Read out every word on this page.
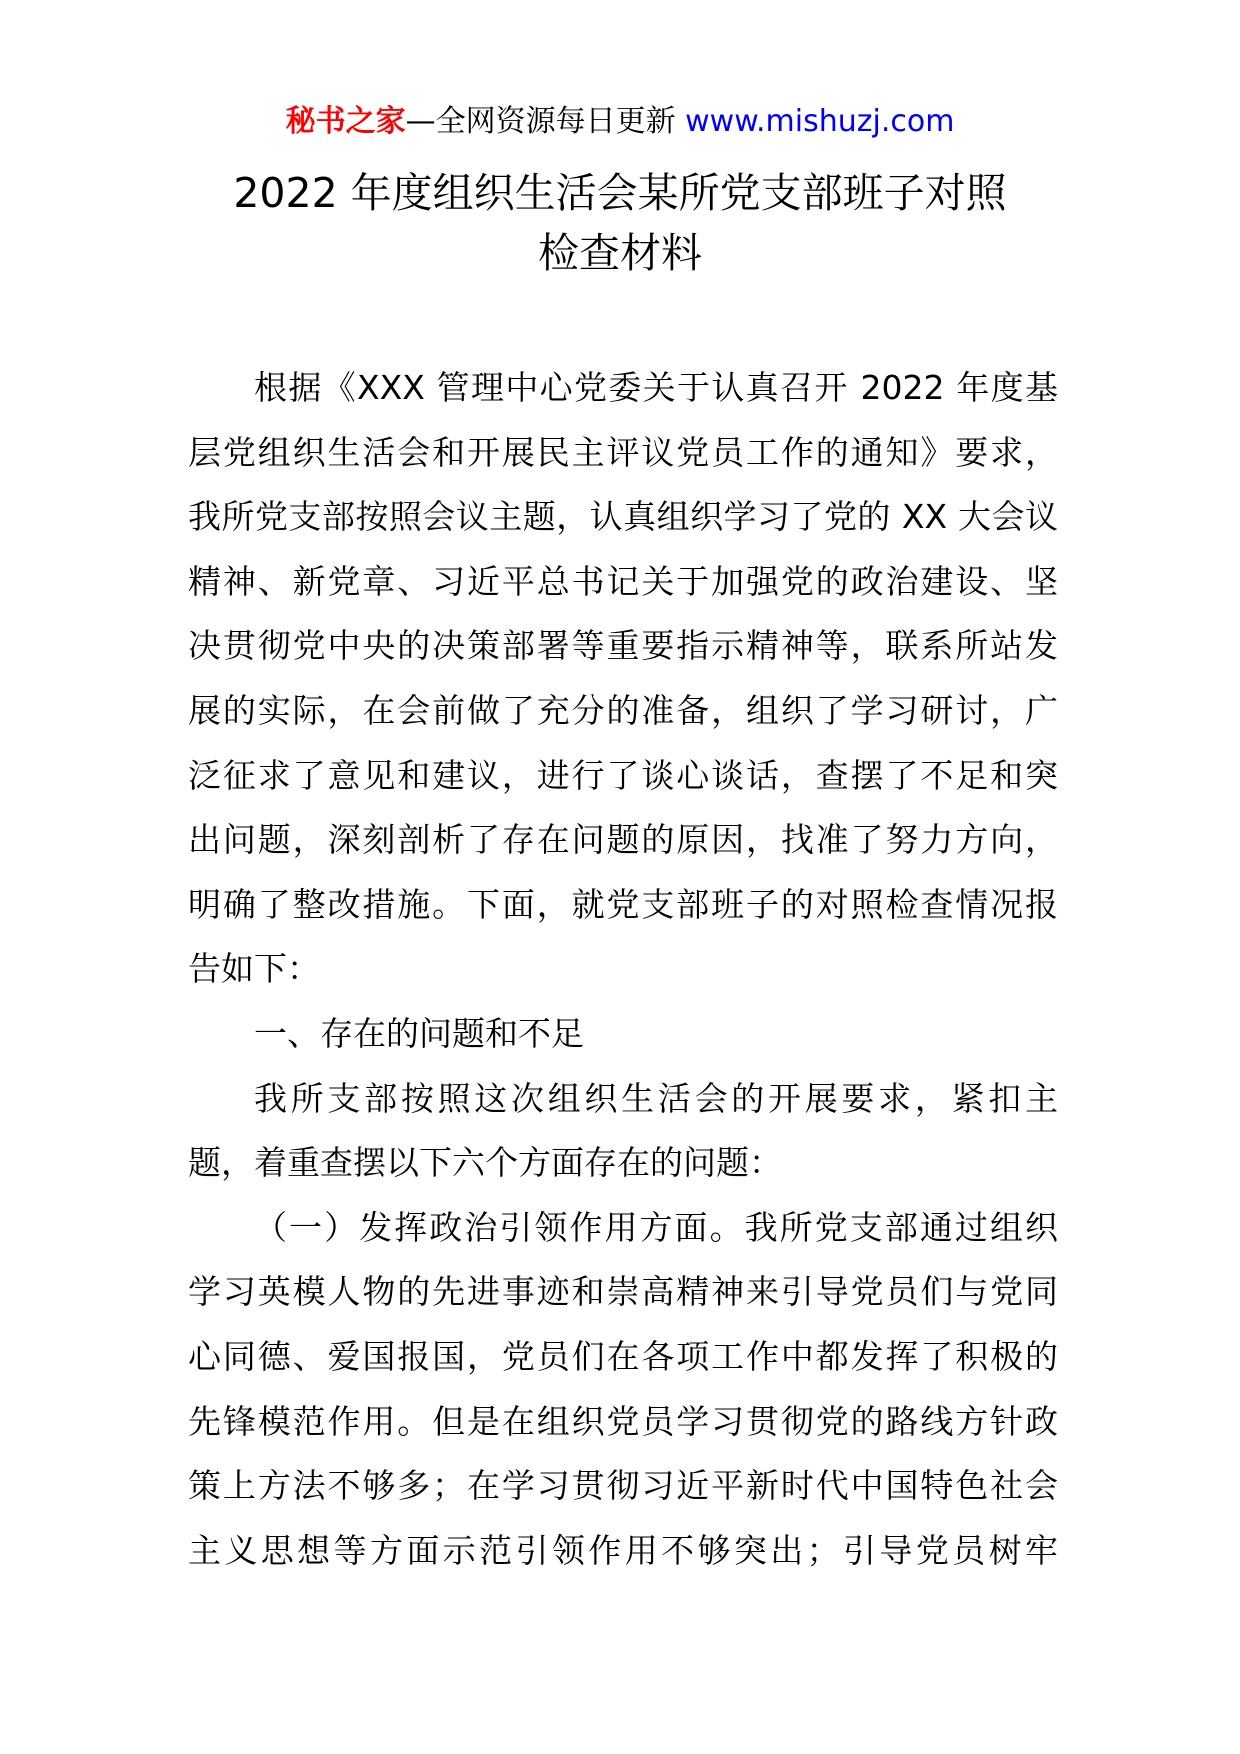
秘书之家—全网资源每日更新 www.mishuzj.com
2022 年度组织生活会某所党支部班子对照
检查材料
根据《XXX 管理中心党委关于认真召开 2022 年度基
层党组织生活会和开展民主评议党员工作的通知》要求，
我所党支部按照会议主题，认真组织学习了党的 XX 大会议
精神、新党章、习近平总书记关于加强党的政治建设、坚
决贯彻党中央的决策部署等重要指示精神等，联系所站发
展的实际，在会前做了充分的准备，组织了学习研讨，广
泛征求了意见和建议，进行了谈心谈话，查摆了不足和突
出问题，深刻剖析了存在问题的原因，找准了努力方向，
明确了整改措施。下面，就党支部班子的对照检查情况报
告如下：
一、存在的问题和不足
我所支部按照这次组织生活会的开展要求，紧扣主
题，着重查摆以下六个方面存在的问题：
（一）发挥政治引领作用方面。我所党支部通过组织
学习英模人物的先进事迹和崇高精神来引导党员们与党同
心同德、爱国报国，党员们在各项工作中都发挥了积极的
先锋模范作用。但是在组织党员学习贯彻党的路线方针政
策上方法不够多；在学习贯彻习近平新时代中国特色社会
主义思想等方面示范引领作用不够突出；引导党员树牢
